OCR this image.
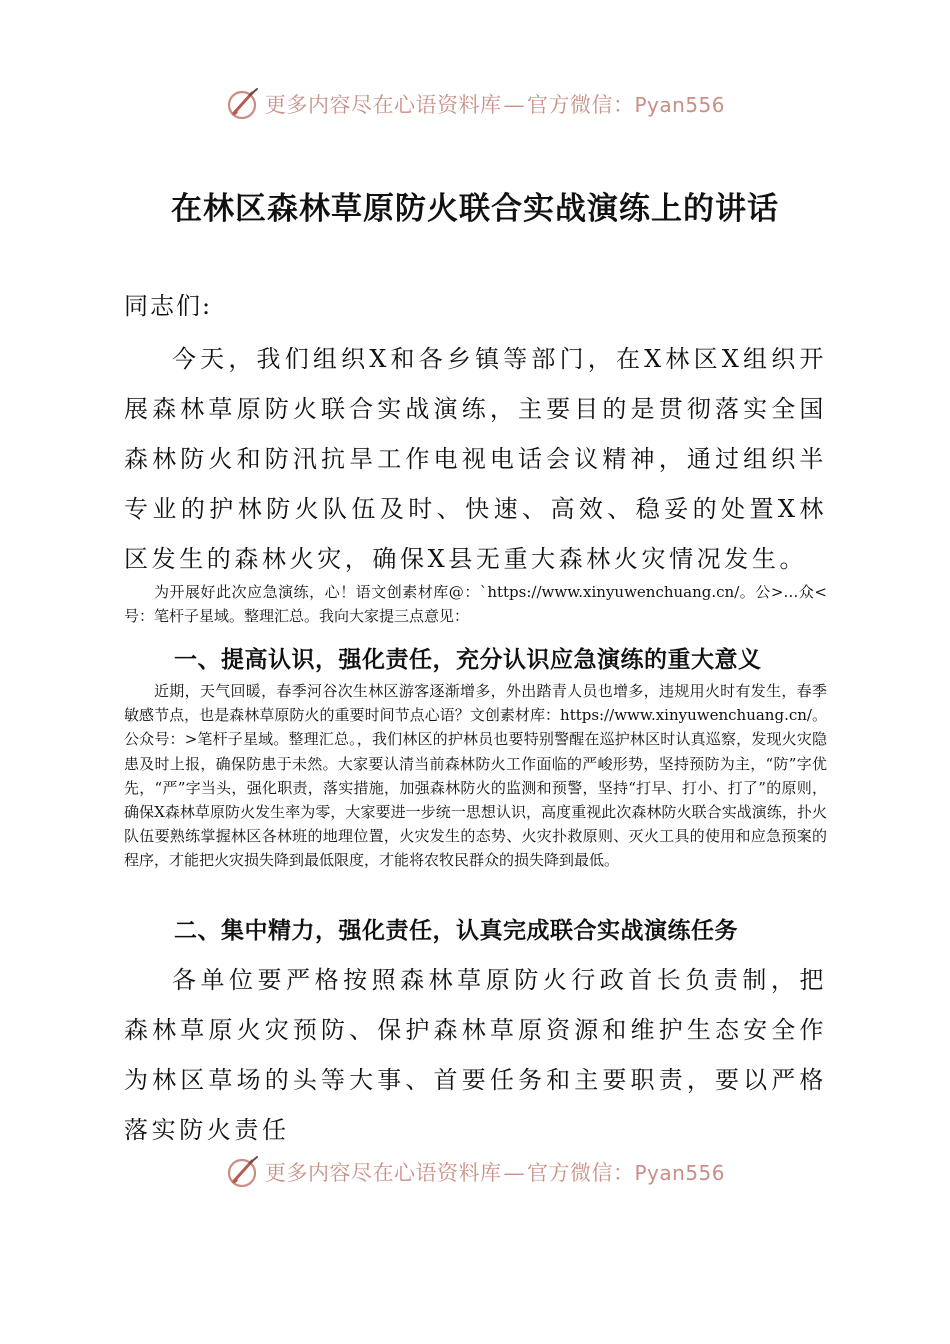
更多内容尽在心语资料库—官方微信：Pyan556
在林区森林草原防火联合实战演练上的讲话

同志们:

今天，我们组织X和各乡镇等部门，在X林区X组织开展森林草原防火联合实战演练，主要目的是贯彻落实全国森林防火和防汛抗旱工作电视电话会议精神，通过组织半专业的护林防火队伍及时、快速、高效、稳妥的处置X林区发生的森林火灾，确保X县无重大森林火灾情况发生。

为开展好此次应急演练，心！语文创素材库@：`https://www.xinyuwenchuang.cn/。公>…众<号：笔杆子星域。整理汇总。我向大家提三点意见：

一、提高认识，强化责任，充分认识应急演练的重大意义

近期，天气回暖，春季河谷次生林区游客逐渐增多，外出踏青人员也增多，违规用火时有发生，春季敏感节点，也是森林草原防火的重要时间节点心语？文创素材库：https://www.xinyuwenchuang.cn/。公众号：>笔杆子星域。整理汇总。，我们林区的护林员也要特别警醒在巡护林区时认真巡察，发现火灾隐患及时上报，确保防患于未然。大家要认清当前森林防火工作面临的严峻形势，坚持预防为主，“防”字优先，“严”字当头，强化职责，落实措施，加强森林防火的监测和预警，坚持“打早、打小、打了”的原则，确保X森林草原防火发生率为零，大家要进一步统一思想认识，高度重视此次森林防火联合实战演练，扑火队伍要熟练掌握林区各林班的地理位置，火灾发生的态势、火灾扑救原则、灭火工具的使用和应急预案的程序，才能把火灾损失降到最低限度，才能将农牧民群众的损失降到最低。

二、集中精力，强化责任，认真完成联合实战演练任务

各单位要严格按照森林草原防火行政首长负责制，把森林草原火灾预防、保护森林草原资源和维护生态安全作为林区草场的头等大事、首要任务和主要职责，要以严格落实防火责任

更多内容尽在心语资料库—官方微信：Pyan556
